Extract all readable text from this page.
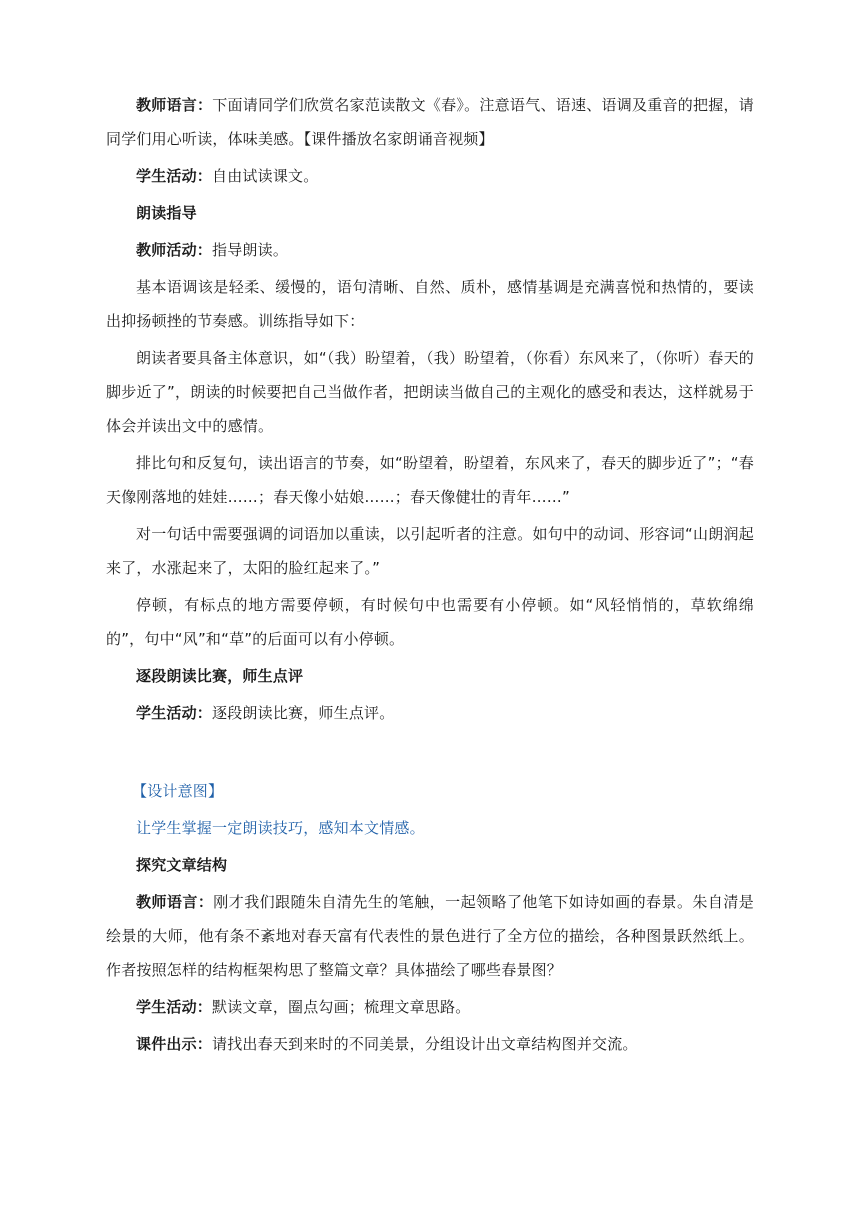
教师语言：下面请同学们欣赏名家范读散文《春》。注意语气、语速、语调及重音的把握，请同学们用心听读，体味美感。【课件播放名家朗诵音视频】

学生活动：自由试读课文。

朗读指导

教师活动：指导朗读。

基本语调该是轻柔、缓慢的，语句清晰、自然、质朴，感情基调是充满喜悦和热情的，要读出抑扬顿挫的节奏感。训练指导如下：

朗读者要具备主体意识，如“（我）盼望着，（我）盼望着，（你看）东风来了，（你听）春天的脚步近了”，朗读的时候要把自己当做作者，把朗读当做自己的主观化的感受和表达，这样就易于体会并读出文中的感情。

排比句和反复句，读出语言的节奏，如“盼望着，盼望着，东风来了，春天的脚步近了”；“春天像刚落地的娃娃……；春天像小姑娘……；春天像健壮的青年……”

对一句话中需要强调的词语加以重读，以引起听者的注意。如句中的动词、形容词“山朗润起来了，水涨起来了，太阳的脸红起来了。”

停顿，有标点的地方需要停顿，有时候句中也需要有小停顿。如“风轻悄悄的，草软绵绵的”，句中“风”和“草”的后面可以有小停顿。

逐段朗读比赛，师生点评

学生活动：逐段朗读比赛，师生点评。

【设计意图】

让学生掌握一定朗读技巧，感知本文情感。

探究文章结构

教师语言：刚才我们跟随朱自清先生的笔触，一起领略了他笔下如诗如画的春景。朱自清是绘景的大师，他有条不紊地对春天富有代表性的景色进行了全方位的描绘，各种图景跃然纸上。作者按照怎样的结构框架构思了整篇文章？具体描绘了哪些春景图？

学生活动：默读文章，圈点勾画；梳理文章思路。

课件出示：请找出春天到来时的不同美景，分组设计出文章结构图并交流。
